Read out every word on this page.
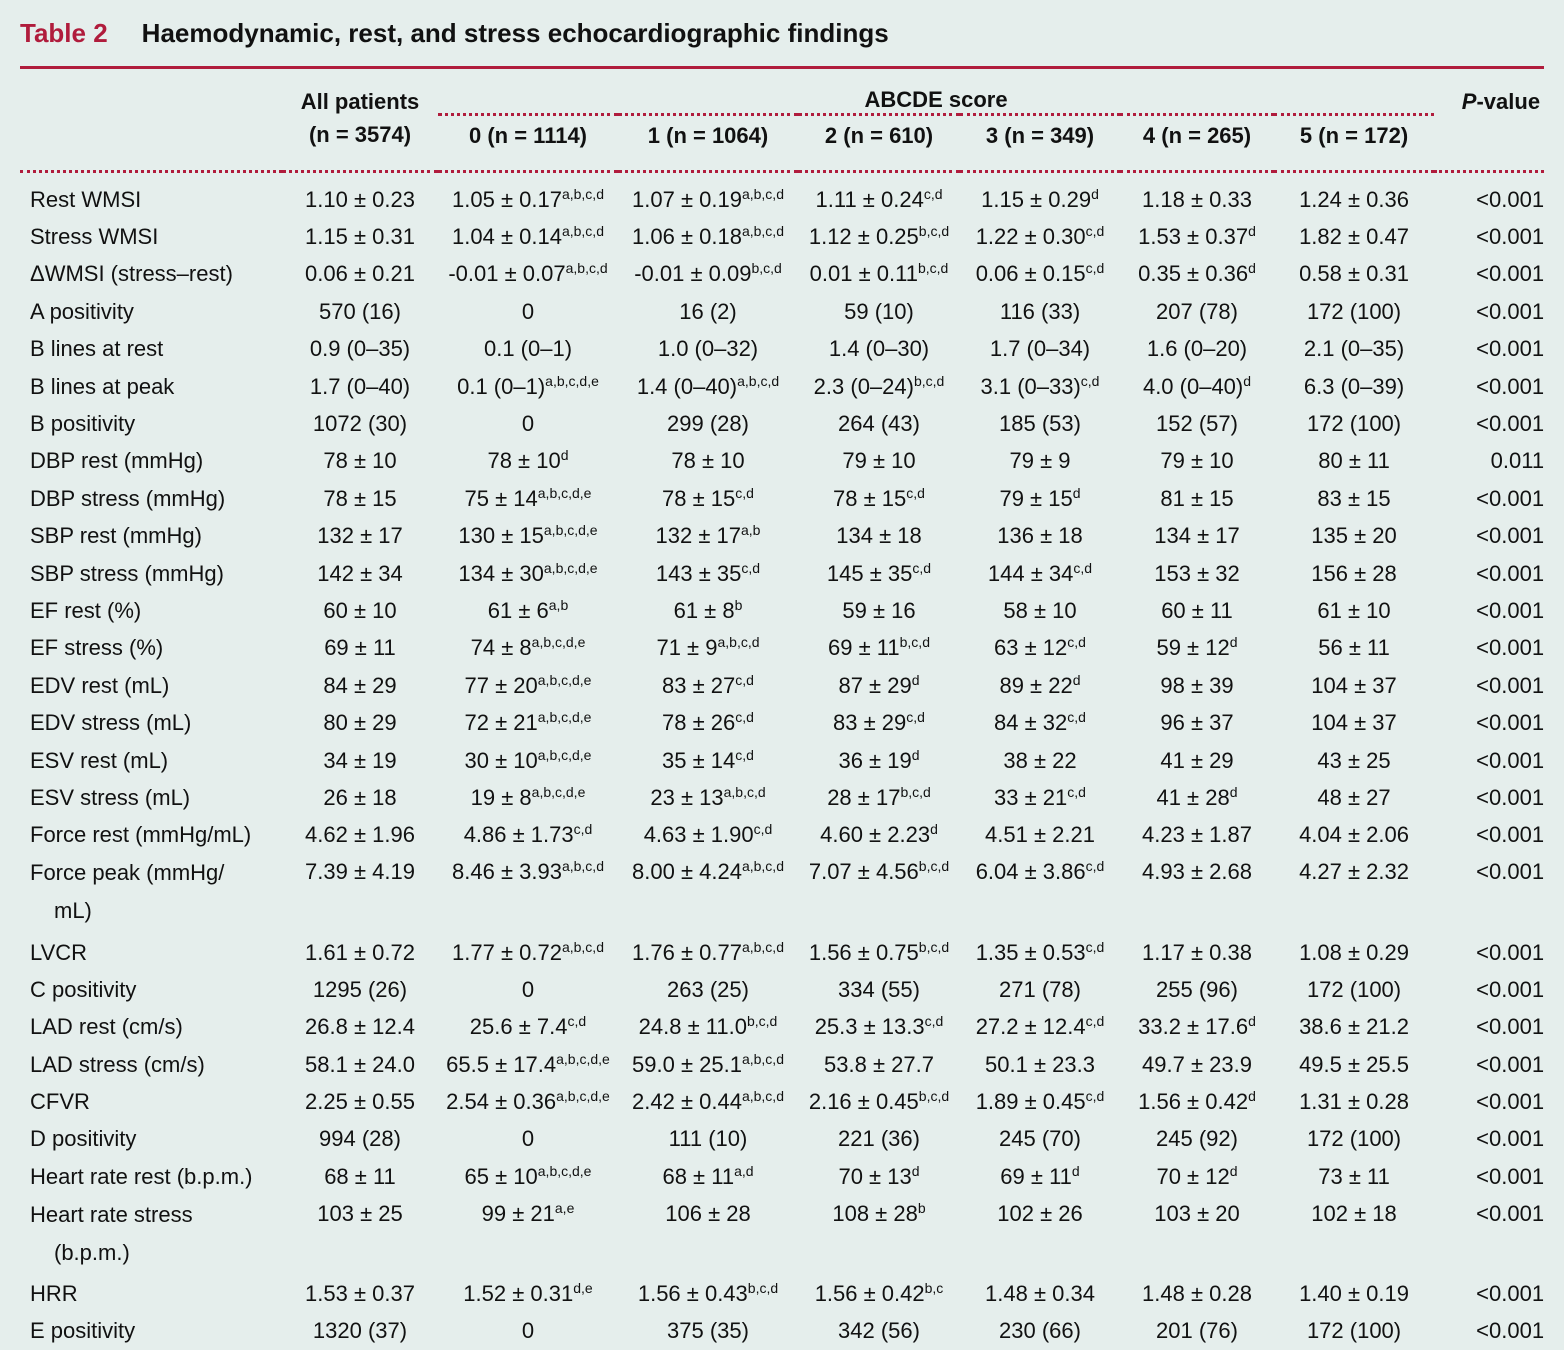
Table 2 Haemodynamic, rest, and stress echocardiographic findings
	All patients	ABCDE score						P-value
	(n = 3574)	0 (n = 1114)	1 (n = 1064)	2 (n = 610)	3 (n = 349)	4 (n = 265)	5 (n = 172)	

Rest WMSI	1.10 ± 0.23	$1.05 \pm 0.17^{a,b,c,d}$	$1.07 \pm 0.19^{a,b,c,d}$	$1.11 \pm 0.24^{c,d}$	1.15 ± 0.29$^d$	1.18 ± 0.33	1.24 ± 0.36	<0.001
Stress WMSI	1.15 ± 0.31	$1.04 \pm 0.14^{a,b,c,d}$	$1.06 \pm 0.18^{a,b,c,d}$	$1.12 \pm 0.25^{b,c,d}$	$1.22 \pm 0.30^{c,d}$	1.53 ± 0.37$^d$	1.82 ± 0.47	<0.001
ΔWMSI (stress–rest)	0.06 ± 0.21	$-0.01 \pm 0.07^{a,b,c,d}$	$-0.01 \pm 0.09^{b,c,d}$	$0.01 \pm 0.11^{b,c,d}$	$0.06 \pm 0.15^{c,d}$	0.35 ± 0.36$^d$	0.58 ± 0.31	<0.001
A positivity	570 (16)	0	16 (2)	59 (10)	116 (33)	207 (78)	172 (100)	<0.001
B lines at rest	0.9 (0–35)	0.1 (0–1)	1.0 (0–32)	1.4 (0–30)	1.7 (0–34)	1.6 (0–20)	2.1 (0–35)	<0.001
B lines at peak	1.7 (0–40)	0.1 $(0-1)^{a,b,c,d,e}$	1.4 $(0-40)^{a,b,c,d}$	2.3 $(0-24)^{b,c,d}$	3.1 $(0-33)^{c,d}$	4.0 $(0-40)^d$	6.3 (0–39)	<0.001
B positivity	1072 (30)	0	299 (28)	264 (43)	185 (53)	152 (57)	172 (100)	<0.001
DBP rest (mmHg)	78 ± 10	$78 \pm 10^d$	78 ± 10	79 ± 10	79 ± 9	79 ± 10	80 ± 11	0.011
DBP stress (mmHg)	78 ± 15	$75 \pm 14^{a,b,c,d,e}$	$78 \pm 15^{c,d}$	$78 \pm 15^{c,d}$	$79 \pm 15^d$	81 ± 15	83 ± 15	<0.001
SBP rest (mmHg)	132 ± 17	$130 \pm 15^{a,b,c,d,e}$	$132 \pm 17^{a,b}$	134 ± 18	136 ± 18	134 ± 17	135 ± 20	<0.001
SBP stress (mmHg)	142 ± 34	$134 \pm 30^{a,b,c,d,e}$	$143 \pm 35^{c,d}$	$145 \pm 35^{c,d}$	$144 \pm 34^{c,d}$	153 ± 32	156 ± 28	<0.001
EF rest (%)	60 ± 10	$61 \pm 6^{a,b}$	$61 \pm 8^b$	59 ± 16	58 ± 10	60 ± 11	61 ± 10	<0.001
EF stress (%)	69 ± 11	$74 \pm 8^{a,b,c,d,e}$	$71 \pm 9^{a,b,c,d}$	$69 \pm 11^{b,c,d}$	$63 \pm 12^{c,d}$	$59 \pm 12^d$	56 ± 11	<0.001
EDV rest (mL)	84 ± 29	$77 \pm 20^{a,b,c,d,e}$	$83 \pm 27^{c,d}$	$87 \pm 29^d$	$89 \pm 22^d$	98 ± 39	104 ± 37	<0.001
EDV stress (mL)	80 ± 29	$72 \pm 21^{a,b,c,d,e}$	$78 \pm 26^{c,d}$	$83 \pm 29^{c,d}$	$84 \pm 32^{c,d}$	96 ± 37	104 ± 37	<0.001
ESV rest (mL)	34 ± 19	$30 \pm 10^{a,b,c,d,e}$	$35 \pm 14^{c,d}$	$36 \pm 19^d$	38 ± 22	41 ± 29	43 ± 25	<0.001
ESV stress (mL)	26 ± 18	$19 \pm 8^{a,b,c,d,e}$	$23 \pm 13^{a,b,c,d}$	$28 \pm 17^{b,c,d}$	$33 \pm 21^{c,d}$	$41 \pm 28^d$	48 ± 27	<0.001
Force rest (mmHg/mL)	4.62 ± 1.96	$4.86 \pm 1.73^{c,d}$	$4.63 \pm 1.90^{c,d}$	4.60 ± 2.23$^d$	4.51 ± 2.21	4.23 ± 1.87	4.04 ± 2.06	<0.001

Force peak (mmHg/
mL)	7.39 ± 4.19	$8.46 \pm 3.93^{a,b,c,d}$	$8.00 \pm 4.24^{a,b,c,d}$	$7.07 \pm 4.56^{b,c,d}$	$6.04 \pm 3.86^{c,d}$	4.93 ± 2.68	4.27 ± 2.32	<0.001
LVCR	1.61 ± 0.72	$1.77 \pm 0.72^{a,b,c,d}$	$1.76 \pm 0.77^{a,b,c,d}$	$1.56 \pm 0.75^{b,c,d}$	$1.35 \pm 0.53^{c,d}$	1.17 ± 0.38	1.08 ± 0.29	<0.001
C positivity	1295 (26)	0	263 (25)	334 (55)	271 (78)	255 (96)	172 (100)	<0.001
LAD rest (cm/s)	26.8 ± 12.4	$25.6 \pm 7.4^{c,d}$	$24.8 \pm 11.0^{b,c,d}$	$25.3 \pm 13.3^{c,d}$	$27.2 \pm 12.4^{c,d}$	33.2 ± 17.6$^d$	38.6 ± 21.2	<0.001
LAD stress (cm/s)	58.1 ± 24.0	$65.5 \pm 17.4^{a,b,c,d,e}$	$59.0 \pm 25.1^{a,b,c,d}$	53.8 ± 27.7	50.1 ± 23.3	49.7 ± 23.9	49.5 ± 25.5	<0.001
CFVR	2.25 ± 0.55	$2.54 \pm 0.36^{a,b,c,d,e}$	$2.42 \pm 0.44^{a,b,c,d}$	$2.16 \pm 0.45^{b,c,d}$	$1.89 \pm 0.45^{c,d}$	1.56 ± 0.42$^d$	1.31 ± 0.28	<0.001
D positivity	994 (28)	0	111 (10)	221 (36)	245 (70)	245 (92)	172 (100)	<0.001
Heart rate rest (b.p.m.)	68 ± 11	$65 \pm 10^{a,b,c,d,e}$	$68 \pm 11^{a,d}$	$70 \pm 13^d$	$69 \pm 11^d$	$70 \pm 12^d$	73 ± 11	<0.001

Heart rate stress
(b.p.m.)	103 ± 25	$99 \pm 21^{a,e}$	106 ± 28	$108 \pm 28^b$	102 ± 26	103 ± 20	102 ± 18	<0.001
HRR	1.53 ± 0.37	$1.52 \pm 0.31^{d,e}$	$1.56 \pm 0.43^{b,c,d}$	$1.56 \pm 0.42^{b,c}$	1.48 ± 0.34	1.48 ± 0.28	1.40 ± 0.19	<0.001
E positivity	1320 (37)	0	375 (35)	342 (56)	230 (66)	201 (76)	172 (100)	<0.001
